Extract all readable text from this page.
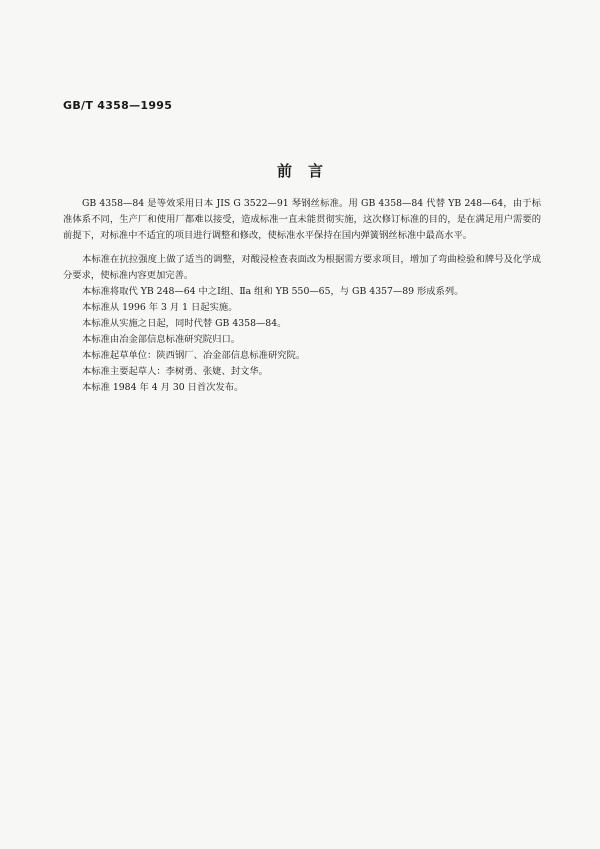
GB/T 4358—1995
前言

GB 4358—84 是等效采用日本 JIS G 3522—91 琴钢丝标准。用 GB 4358—84 代替 YB 248—64，由于标准体系不同，生产厂和使用厂都难以接受，造成标准一直未能贯彻实施，这次修订标准的目的，是在满足用户需要的前提下，对标准中不适宜的项目进行调整和修改，使标准水平保持在国内弹簧钢丝标准中最高水平。

本标准在抗拉强度上做了适当的调整，对酸浸检查表面改为根据需方要求项目，增加了弯曲检验和牌号及化学成分要求，使标准内容更加完善。

本标准将取代 YB 248—64 中之Ⅰ组、Ⅱa 组和 YB 550—65，与 GB 4357—89 形成系列。

本标准从 1996 年 3 月 1 日起实施。

本标准从实施之日起，同时代替 GB 4358—84。

本标准由冶金部信息标准研究院归口。

本标准起草单位：陕西钢厂、冶金部信息标准研究院。

本标准主要起草人：李树勇、张婕、封文华。

本标准 1984 年 4 月 30 日首次发布。
